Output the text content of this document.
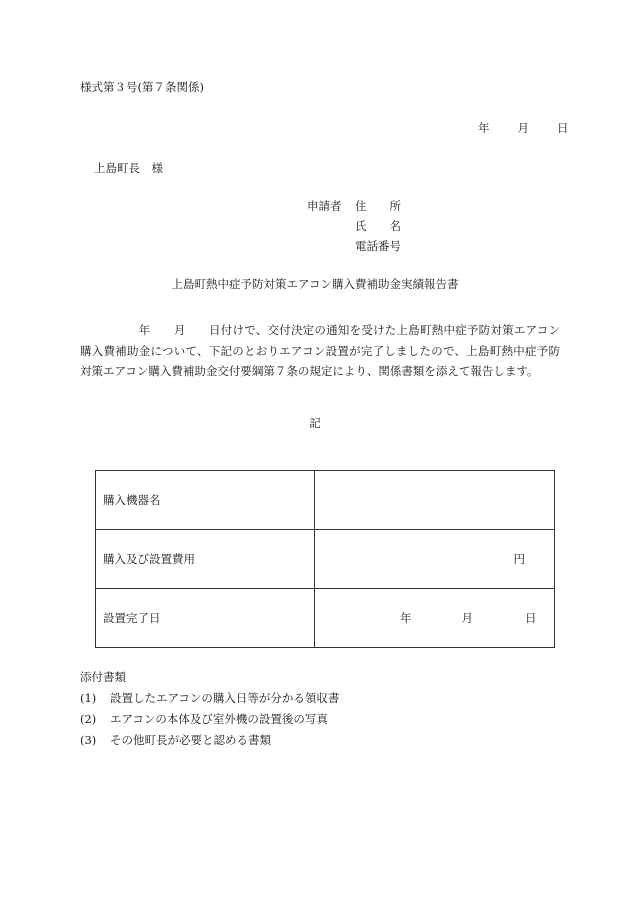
様式第３号(第７条関係)
年 月 日
上島町長　様
申請者 住　　所
氏　　名
電話番号
上島町熱中症予防対策エアコン購入費補助金実績報告書
　　　　　年　　月　　日付けで、交付決定の通知を受けた上島町熱中症予防対策エアコン購入費補助金について、下記のとおりエアコン設置が完了しましたので、上島町熱中症予防対策エアコン購入費補助金交付要綱第７条の規定により、関係書類を添えて報告します。
記
購入機器名	
購入及び設置費用	円

設置完了日	年 月 日
添付書類
(1) 設置したエアコンの購入日等が分かる領収書
(2) エアコンの本体及び室外機の設置後の写真
(3) その他町長が必要と認める書類
